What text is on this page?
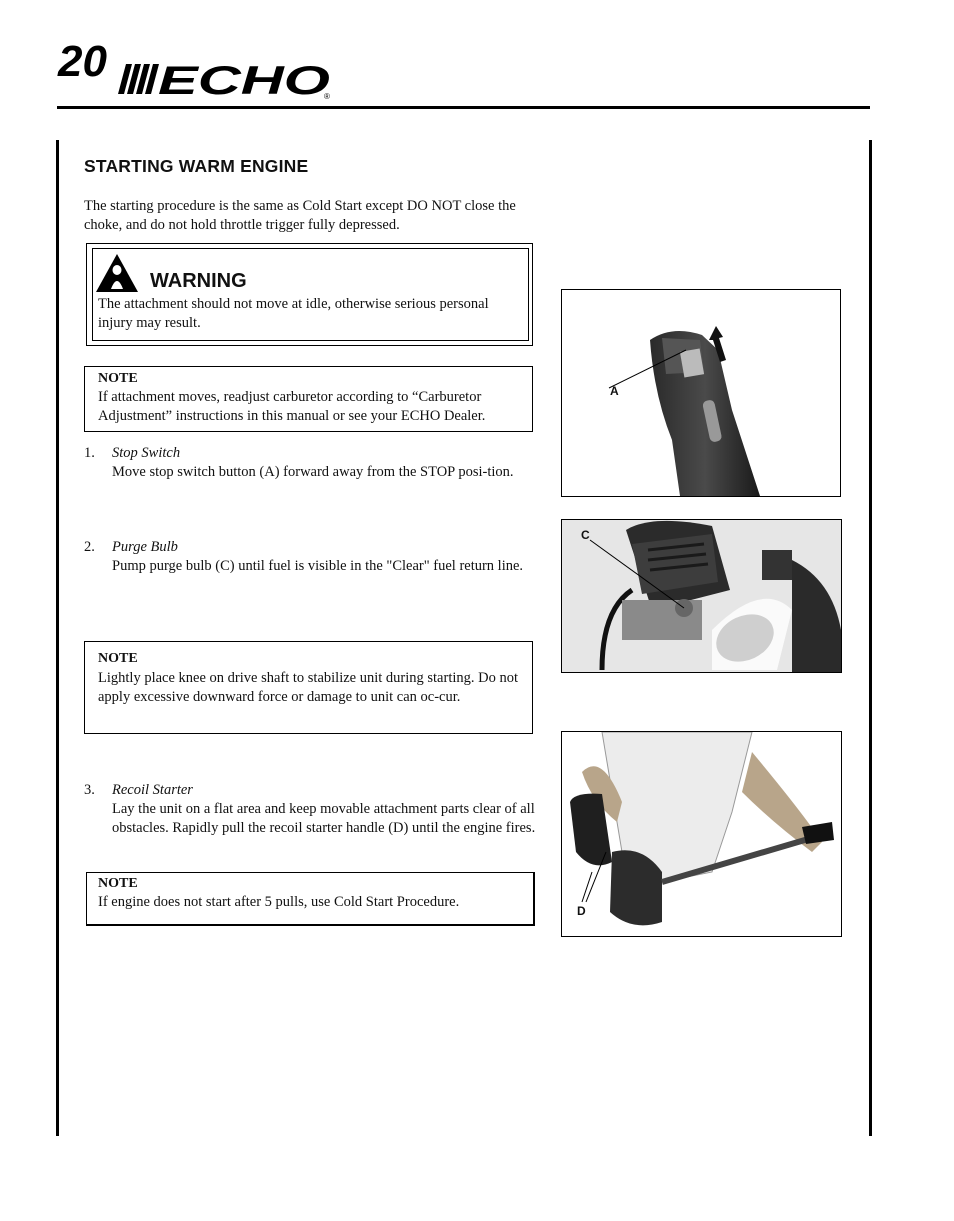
20 ECHO
®
STARTING WARM ENGINE
The starting procedure is the same as Cold Start except DO NOT close the choke, and do not hold throttle trigger fully depressed.
WARNING
The attachment should not move at idle, otherwise serious personal injury may result.
NOTE
If attachment moves, readjust carburetor according to “Carburetor Adjustment” instructions in this manual or see your ECHO Dealer.
1. Stop Switch
Move stop switch button (A) forward away from the STOP posi-tion.
2. Purge Bulb
Pump purge bulb (C) until fuel is visible in the "Clear" fuel return line.
NOTE
Lightly place knee on drive shaft to stabilize unit during starting. Do not apply excessive downward force or damage to unit can oc-cur.
3. Recoil Starter
Lay the unit on a flat area and keep movable attachment parts clear of all obstacles. Rapidly pull the recoil starter handle (D) until the engine fires.
NOTE
If engine does not start after 5 pulls, use Cold Start Procedure.
A
C
D
